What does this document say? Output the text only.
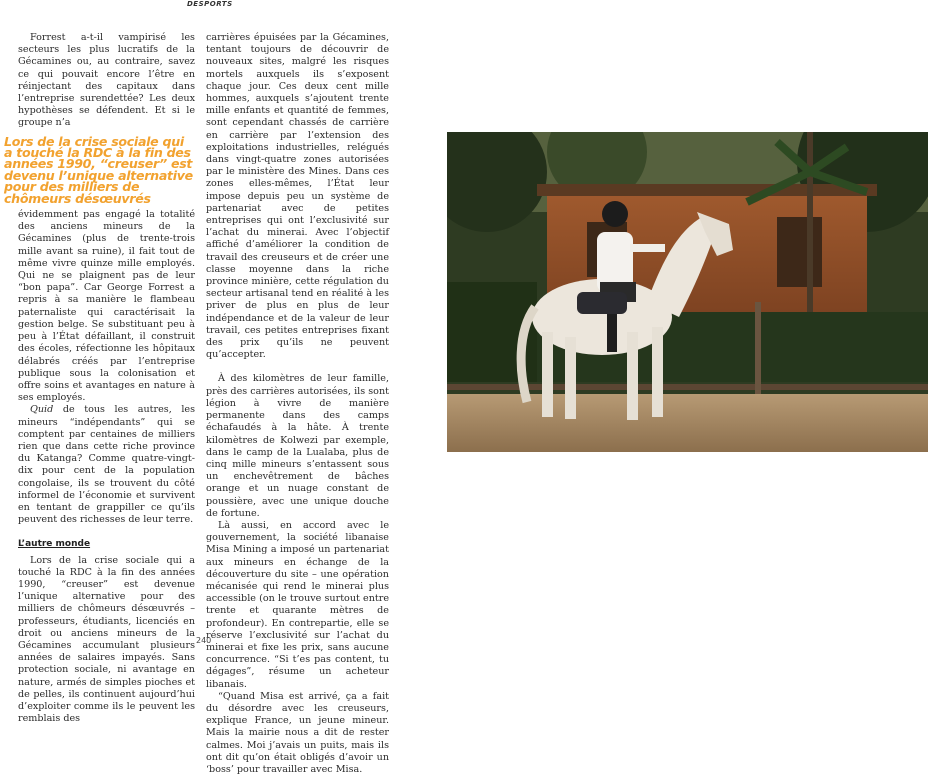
DESPORTS

Forrest a-t-il vampirisé les secteurs les plus lucratifs de la Gécamines ou, au contraire, savez ce qui pouvait encore l’être en réinjectant des capitaux dans l’entreprise surendettée? Les deux hypothèses se défendent. Et si le groupe n’a

Lors de la crise sociale qui a touché la RDC à la fin des années 1990, “creuser” est devenu l’unique alternative pour des milliers de chômeurs désœuvrés

évidemment pas engagé la totalité des anciens mineurs de la Gécamines (plus de trente-trois mille avant sa ruine), il fait tout de même vivre quinze mille employés. Qui ne se plaignent pas de leur “bon papa”. Car George Forrest a repris à sa manière le flambeau paternaliste qui caractérisait la gestion belge. Se substituant peu à peu à l’État défaillant, il construit des écoles, réfectionne les hôpitaux délabrés créés par l’entreprise publique sous la colonisation et offre soins et avantages en nature à ses employés.

Quid de tous les autres, les mineurs “indépendants” qui se comptent par centaines de milliers rien que dans cette riche province du Katanga? Comme quatre-vingt-dix pour cent de la population congolaise, ils se trouvent du côté informel de l’économie et survivent en tentant de grappiller ce qu’ils peuvent des richesses de leur terre.

L’autre monde

Lors de la crise sociale qui a touché la RDC à la fin des années 1990, “creuser” est devenue l’unique alternative pour des milliers de chômeurs désœuvrés – professeurs, étudiants, licenciés en droit ou anciens mineurs de la Gécamines accumulant plusieurs années de salaires impayés. Sans protection sociale, ni avantage en nature, armés de simples pioches et de pelles, ils continuent aujourd’hui d’exploiter comme ils le peuvent les remblais des

carrières épuisées par la Gécamines, tentant toujours de découvrir de nouveaux sites, malgré les risques mortels auxquels ils s’exposent chaque jour. Ces deux cent mille hommes, auxquels s’ajoutent trente mille enfants et quantité de femmes, sont cependant chassés de carrière en carrière par l’extension des exploitations industrielles, relégués dans vingt-quatre zones autorisées par le ministère des Mines. Dans ces zones elles-mêmes, l’État leur impose depuis peu un système de partenariat avec de petites entreprises qui ont l’exclusivité sur l’achat du minerai. Avec l’objectif affiché d’améliorer la condition de travail des creuseurs et de créer une classe moyenne dans la riche province minière, cette régulation du secteur artisanal tend en réalité à les priver de plus en plus de leur indépendance et de la valeur de leur travail, ces petites entreprises fixant des prix qu’ils ne peuvent qu’accepter.

À des kilomètres de leur famille, près des carrières autorisées, ils sont légion à vivre de manière permanente dans des camps échafaudés à la hâte. À trente kilomètres de Kolwezi par exemple, dans le camp de la Lualaba, plus de cinq mille mineurs s’entassent sous un enchevêtrement de bâches orange et un nuage constant de poussière, avec une unique douche de fortune.

Là aussi, en accord avec le gouvernement, la société libanaise Misa Mining a imposé un partenariat aux mineurs en échange de la découverture du site – une opération mécanisée qui rend le minerai plus accessible (on le trouve surtout entre trente et quarante mètres de profondeur). En contrepartie, elle se réserve l’exclusivité sur l’achat du minerai et fixe les prix, sans aucune concurrence. “Si t’es pas content, tu dégages”, résume un acheteur libanais.

“Quand Misa est arrivé, ça a fait du désordre avec les creuseurs, explique France, un jeune mineur. Mais la mairie nous a dit de rester calmes. Moi j’avais un puits, mais ils ont dit qu’on était obligés d’avoir un ‘boss’ pour travailler avec Misa.

240
